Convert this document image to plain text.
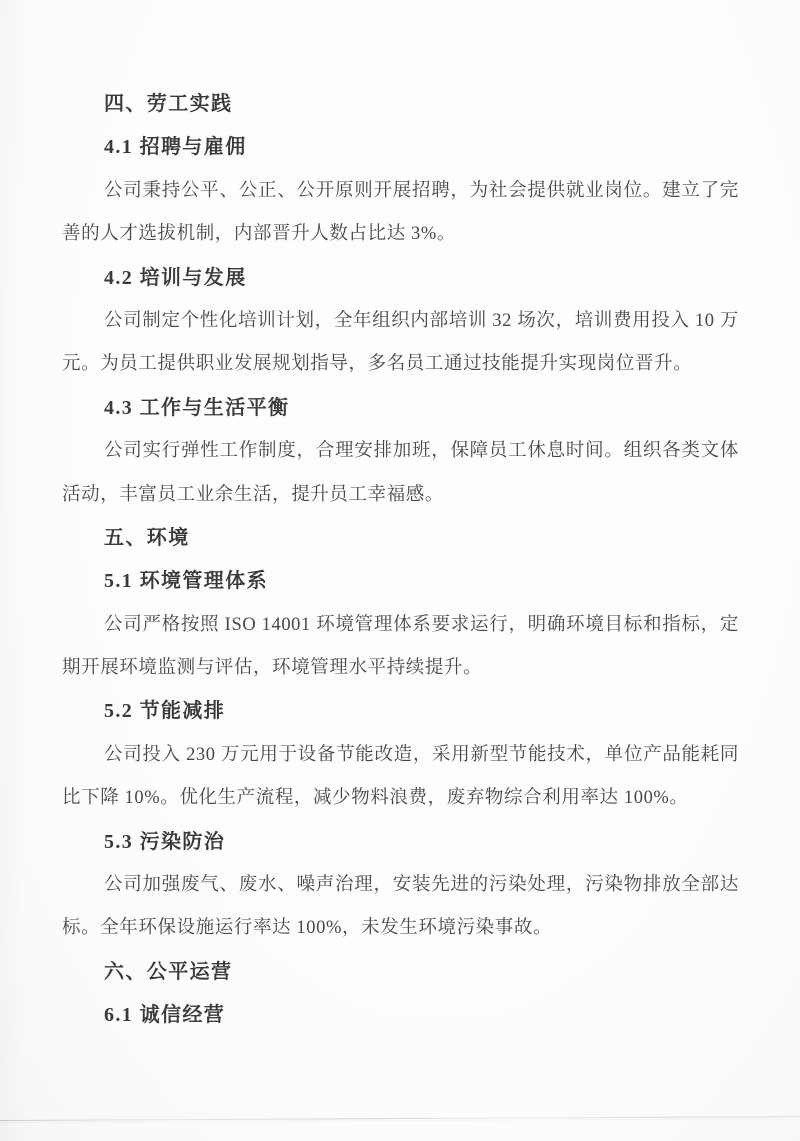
四、劳工实践
4.1 招聘与雇佣
公司秉持公平、公正、公开原则开展招聘，为社会提供就业岗位。建立了完
善的人才选拔机制，内部晋升人数占比达 3%。
4.2 培训与发展
公司制定个性化培训计划，全年组织内部培训 32 场次，培训费用投入 10 万
元。为员工提供职业发展规划指导，多名员工通过技能提升实现岗位晋升。
4.3 工作与生活平衡
公司实行弹性工作制度，合理安排加班，保障员工休息时间。组织各类文体
活动，丰富员工业余生活，提升员工幸福感。
五、环境
5.1 环境管理体系
公司严格按照 ISO 14001 环境管理体系要求运行，明确环境目标和指标，定
期开展环境监测与评估，环境管理水平持续提升。
5.2 节能减排
公司投入 230 万元用于设备节能改造，采用新型节能技术，单位产品能耗同
比下降 10%。优化生产流程，减少物料浪费，废弃物综合利用率达 100%。
5.3 污染防治
公司加强废气、废水、噪声治理，安装先进的污染处理，污染物排放全部达
标。全年环保设施运行率达 100%，未发生环境污染事故。
六、公平运营
6.1 诚信经营
